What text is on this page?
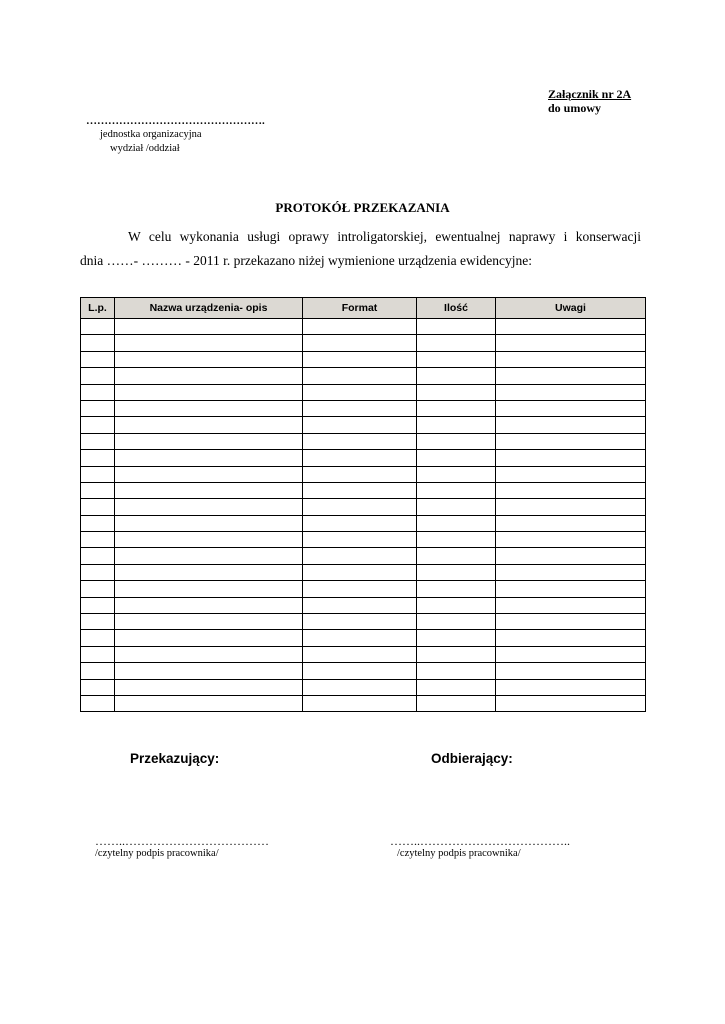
Załącznik nr 2A
do umowy
………………………………………….
jednostka organizacyjna
wydział /oddział
PROTOKÓŁ PRZEKAZANIA
W celu wykonania usługi oprawy introligatorskiej, ewentualnej naprawy i konserwacji
dnia ……- ……… - 2011 r. przekazano niżej wymienione urządzenia ewidencyjne:
L.p.	Nazwa urządzenia- opis	Format	Ilość	Uwagi

Przekazujący:	Odbierający:
……..………………………………	……..………………………………..
/czytelny podpis pracownika/	/czytelny podpis pracownika/
